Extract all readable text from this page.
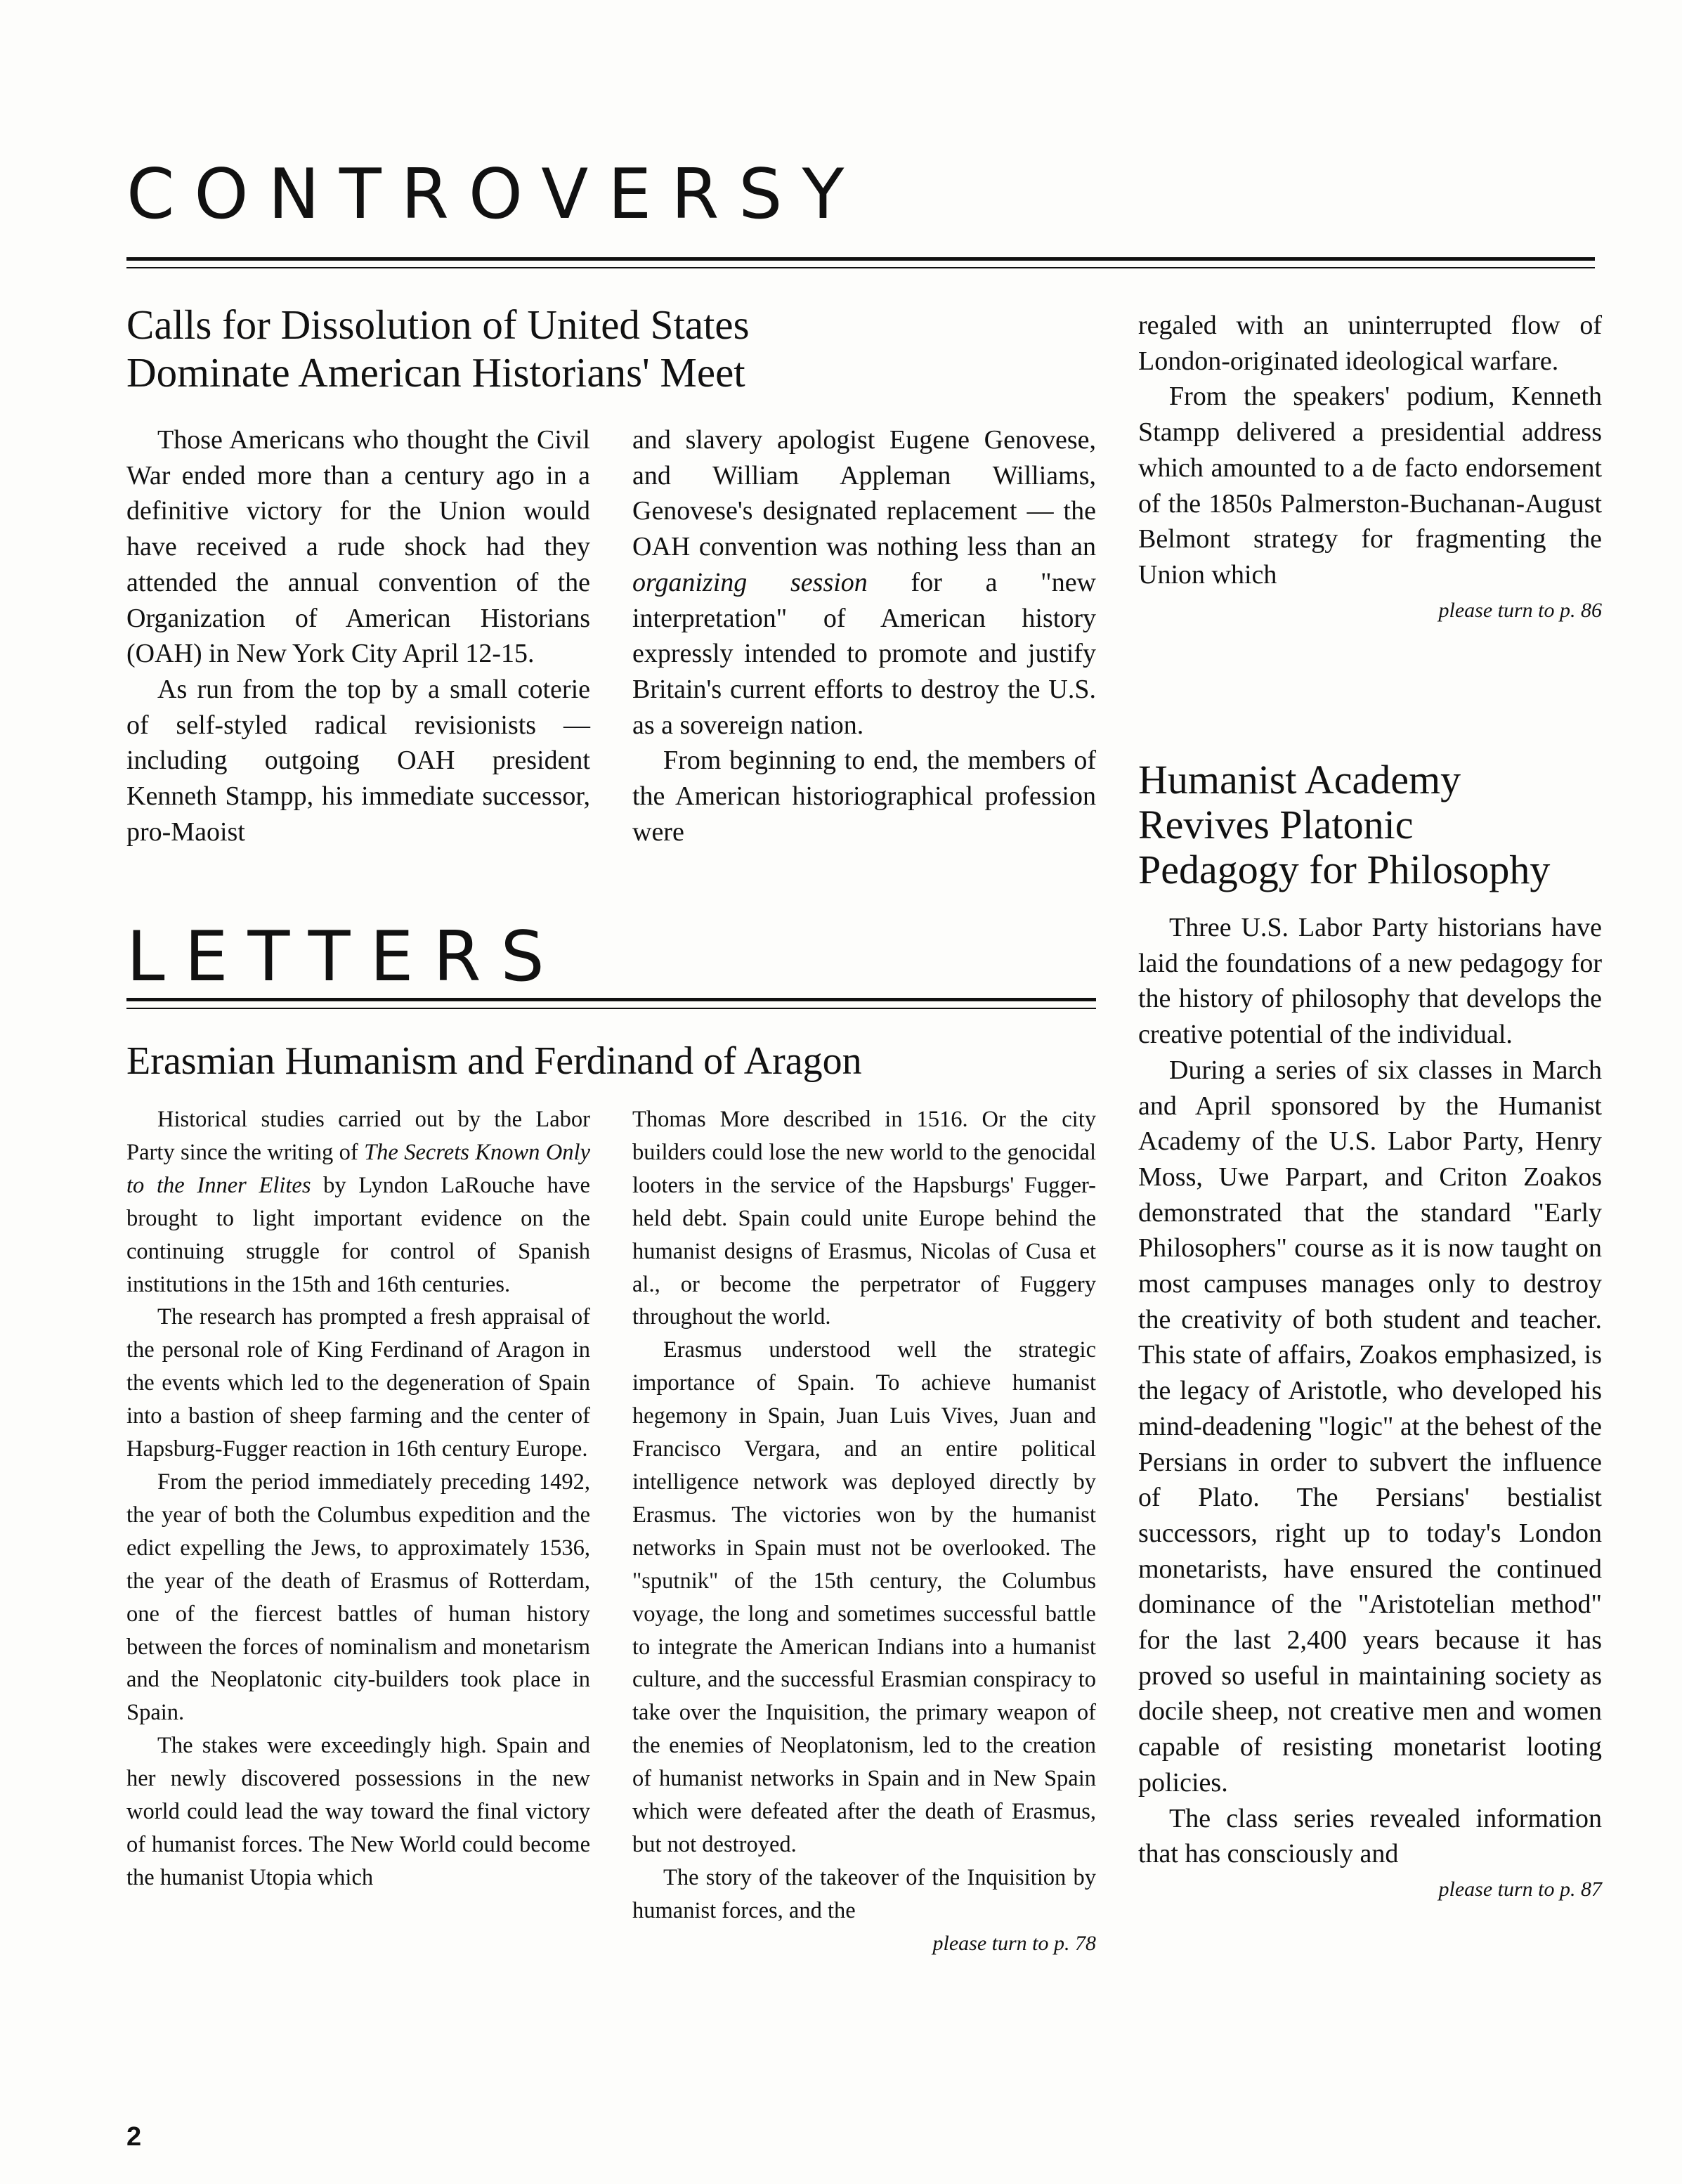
CONTROVERSY
Calls for Dissolution of United States
Dominate American Historians' Meet

Those Americans who thought the Civil War ended more than a century ago in a definitive victory for the Union would have received a rude shock had they attended the annual convention of the Organization of American Historians (OAH) in New York City April 12-15.

As run from the top by a small coterie of self-styled radical revisionists — including outgoing OAH president Kenneth Stampp, his immediate successor, pro-Maoist

and slavery apologist Eugene Genovese, and William Appleman Williams, Genovese's designated replacement — the OAH convention was nothing less than an organizing session for a "new interpretation" of American history expressly intended to promote and justify Britain's current efforts to destroy the U.S. as a sovereign nation.

From beginning to end, the members of the American historiographical profession were

regaled with an uninterrupted flow of London-originated ideological warfare.

From the speakers' podium, Kenneth Stampp delivered a presidential address which amounted to a de facto endorsement of the 1850s Palmerston-Buchanan-August Belmont strategy for fragmenting the Union which

please turn to p. 86

Humanist Academy
Revives Platonic
Pedagogy for Philosophy

Three U.S. Labor Party historians have laid the foundations of a new pedagogy for the history of philosophy that develops the creative potential of the individual.

During a series of six classes in March and April sponsored by the Humanist Academy of the U.S. Labor Party, Henry Moss, Uwe Parpart, and Criton Zoakos demonstrated that the standard "Early Philosophers" course as it is now taught on most campuses manages only to destroy the creativity of both student and teacher. This state of affairs, Zoakos emphasized, is the legacy of Aristotle, who developed his mind-deadening "logic" at the behest of the Persians in order to subvert the influence of Plato. The Persians' bestialist successors, right up to today's London monetarists, have ensured the continued dominance of the "Aristotelian method" for the last 2,400 years because it has proved so useful in maintaining society as docile sheep, not creative men and women capable of resisting monetarist looting policies.

The class series revealed information that has consciously and

please turn to p. 87

LETTERS
Erasmian Humanism and Ferdinand of Aragon

Historical studies carried out by the Labor Party since the writing of The Secrets Known Only to the Inner Elites by Lyndon LaRouche have brought to light important evidence on the continuing struggle for control of Spanish institutions in the 15th and 16th centuries.

The research has prompted a fresh appraisal of the personal role of King Ferdinand of Aragon in the events which led to the degeneration of Spain into a bastion of sheep farming and the center of Hapsburg-Fugger reaction in 16th century Europe.

From the period immediately preceding 1492, the year of both the Columbus expedition and the edict expelling the Jews, to approximately 1536, the year of the death of Erasmus of Rotterdam, one of the fiercest battles of human history between the forces of nominalism and monetarism and the Neoplatonic city-builders took place in Spain.

The stakes were exceedingly high. Spain and her newly discovered possessions in the new world could lead the way toward the final victory of humanist forces. The New World could become the humanist Utopia which

Thomas More described in 1516. Or the city builders could lose the new world to the genocidal looters in the service of the Hapsburgs' Fugger-held debt. Spain could unite Europe behind the humanist designs of Erasmus, Nicolas of Cusa et al., or become the perpetrator of Fuggery throughout the world.

Erasmus understood well the strategic importance of Spain. To achieve humanist hegemony in Spain, Juan Luis Vives, Juan and Francisco Vergara, and an entire political intelligence network was deployed directly by Erasmus. The victories won by the humanist networks in Spain must not be overlooked. The "sputnik" of the 15th century, the Columbus voyage, the long and sometimes successful battle to integrate the American Indians into a humanist culture, and the successful Erasmian conspiracy to take over the Inquisition, the primary weapon of the enemies of Neoplatonism, led to the creation of humanist networks in Spain and in New Spain which were defeated after the death of Erasmus, but not destroyed.

The story of the takeover of the Inquisition by humanist forces, and the

please turn to p. 78

2
